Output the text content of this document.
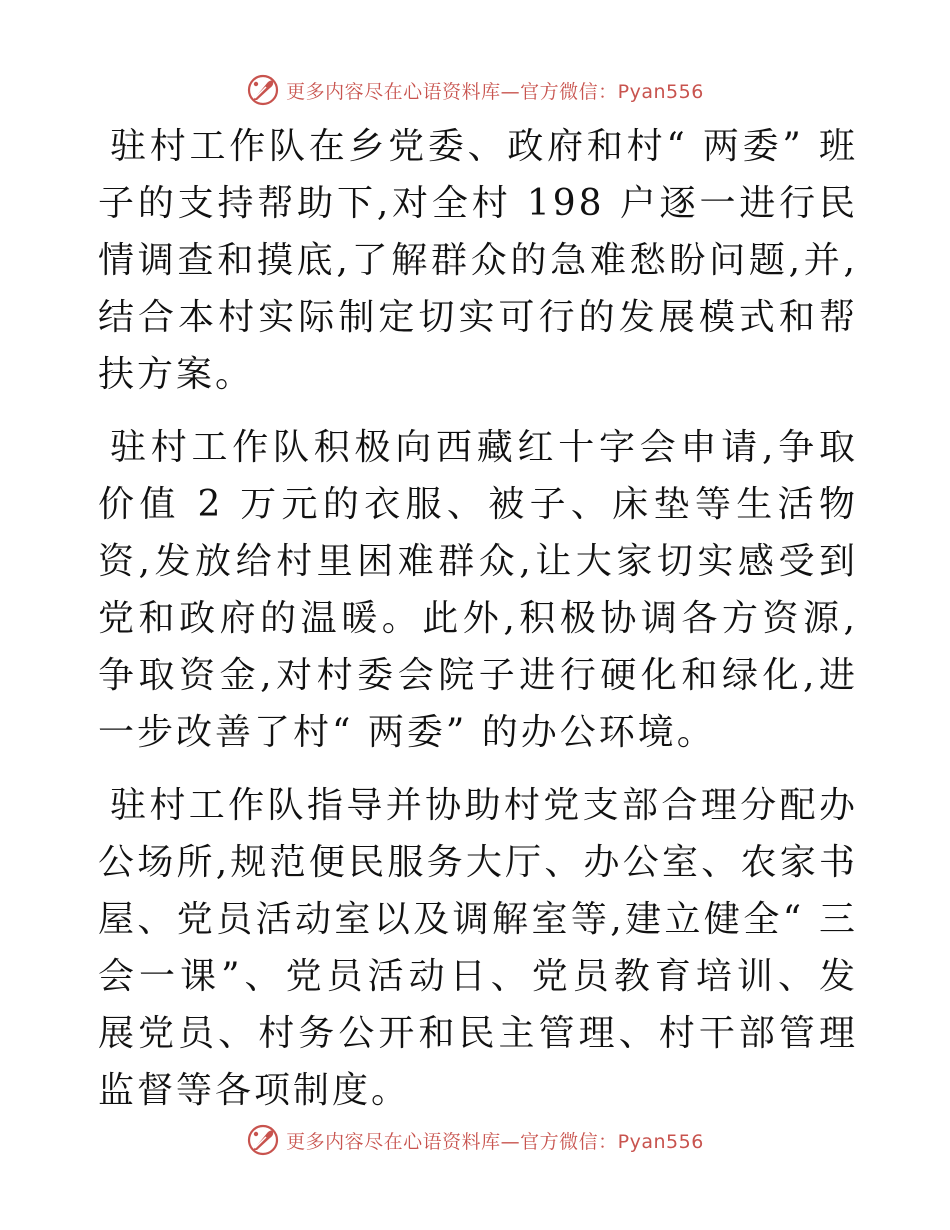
更多内容尽在心语资料库—官方微信：Pyan556

驻村工作队在乡党委、政府和村“ 两委” 班子的支持帮助下,对全村 198 户逐一进行民情调查和摸底,了解群众的急难愁盼问题,并,结合本村实际制定切实可行的发展模式和帮扶方案。

驻村工作队积极向西藏红十字会申请,争取价值 2 万元的衣服、被子、床垫等生活物资,发放给村里困难群众,让大家切实感受到党和政府的温暖。此外,积极协调各方资源,争取资金,对村委会院子进行硬化和绿化,进一步改善了村“ 两委” 的办公环境。

驻村工作队指导并协助村党支部合理分配办公场所,规范便民服务大厅、办公室、农家书屋、党员活动室以及调解室等,建立健全“ 三会一课”、党员活动日、党员教育培训、发展党员、村务公开和民主管理、村干部管理监督等各项制度。

更多内容尽在心语资料库—官方微信：Pyan556
